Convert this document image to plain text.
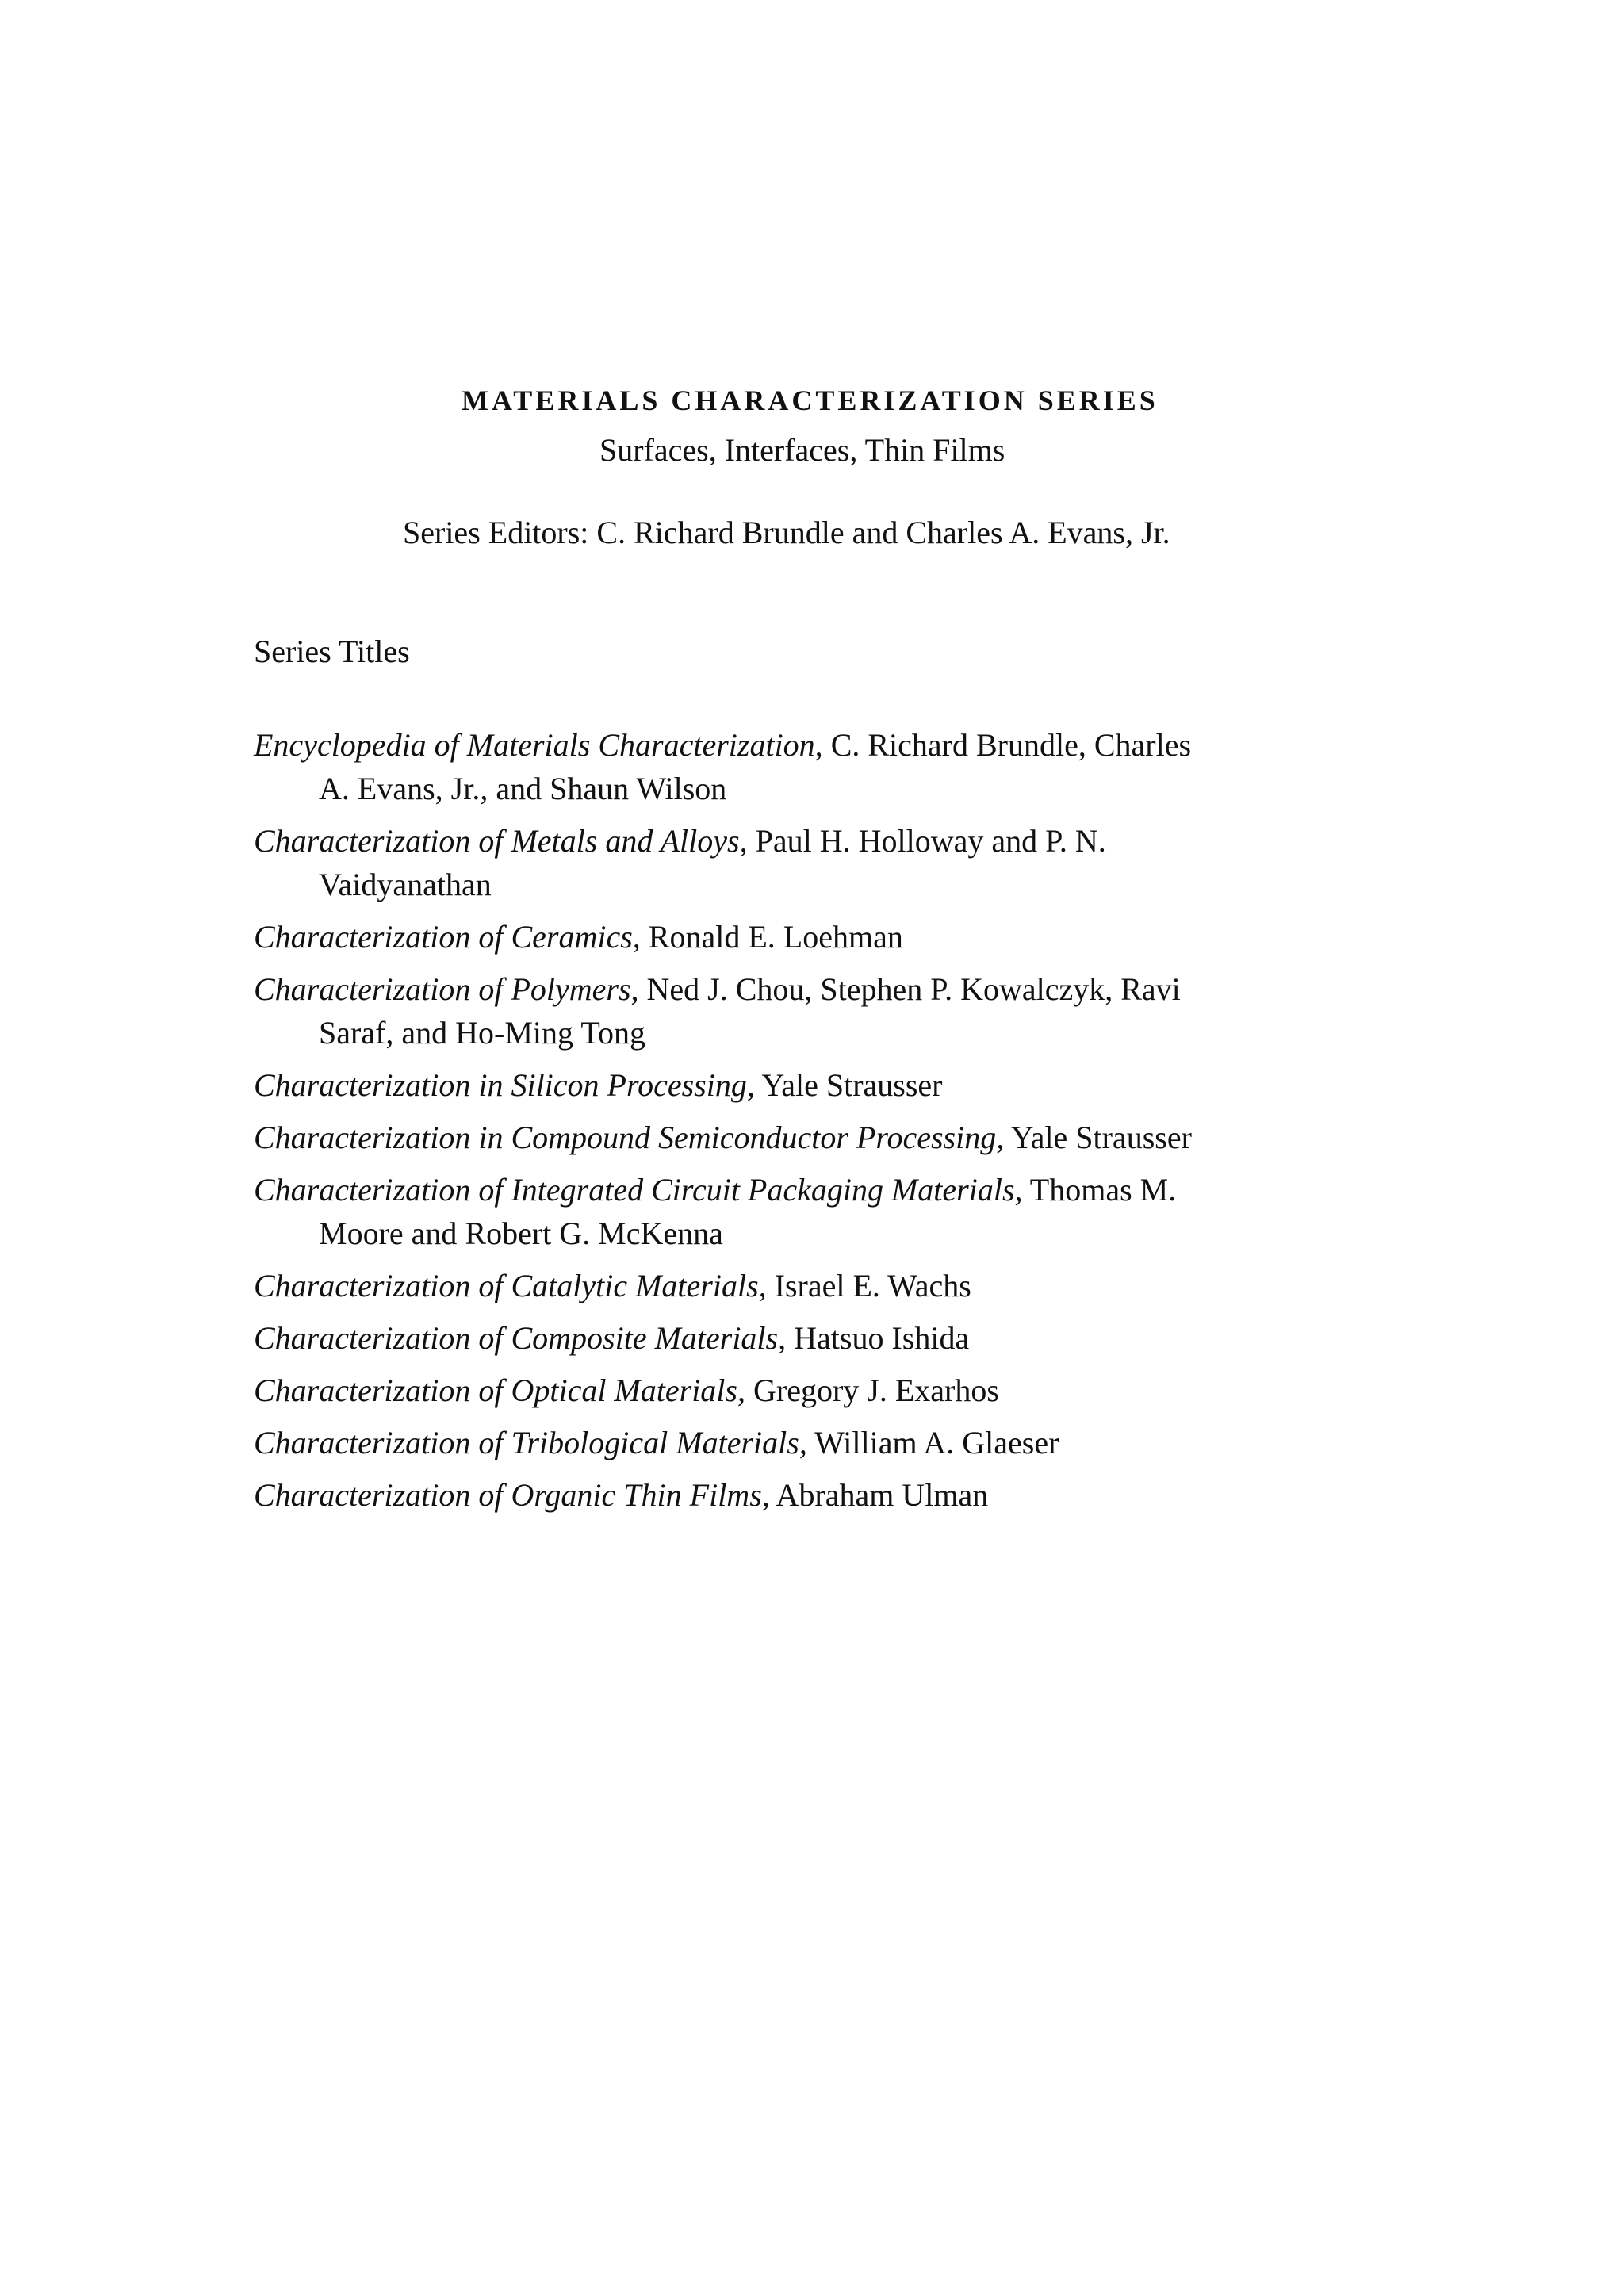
MATERIALS CHARACTERIZATION SERIES
Surfaces, Interfaces, Thin Films
Series Editors: C. Richard Brundle and Charles A. Evans, Jr.
Series Titles
Encyclopedia of Materials Characterization, C. Richard Brundle, Charles A. Evans, Jr., and Shaun Wilson
Characterization of Metals and Alloys, Paul H. Holloway and P. N. Vaidyanathan
Characterization of Ceramics, Ronald E. Loehman
Characterization of Polymers, Ned J. Chou, Stephen P. Kowalczyk, Ravi Saraf, and Ho-Ming Tong
Characterization in Silicon Processing, Yale Strausser
Characterization in Compound Semiconductor Processing, Yale Strausser
Characterization of Integrated Circuit Packaging Materials, Thomas M. Moore and Robert G. McKenna
Characterization of Catalytic Materials, Israel E. Wachs
Characterization of Composite Materials, Hatsuo Ishida
Characterization of Optical Materials, Gregory J. Exarhos
Characterization of Tribological Materials, William A. Glaeser
Characterization of Organic Thin Films, Abraham Ulman
